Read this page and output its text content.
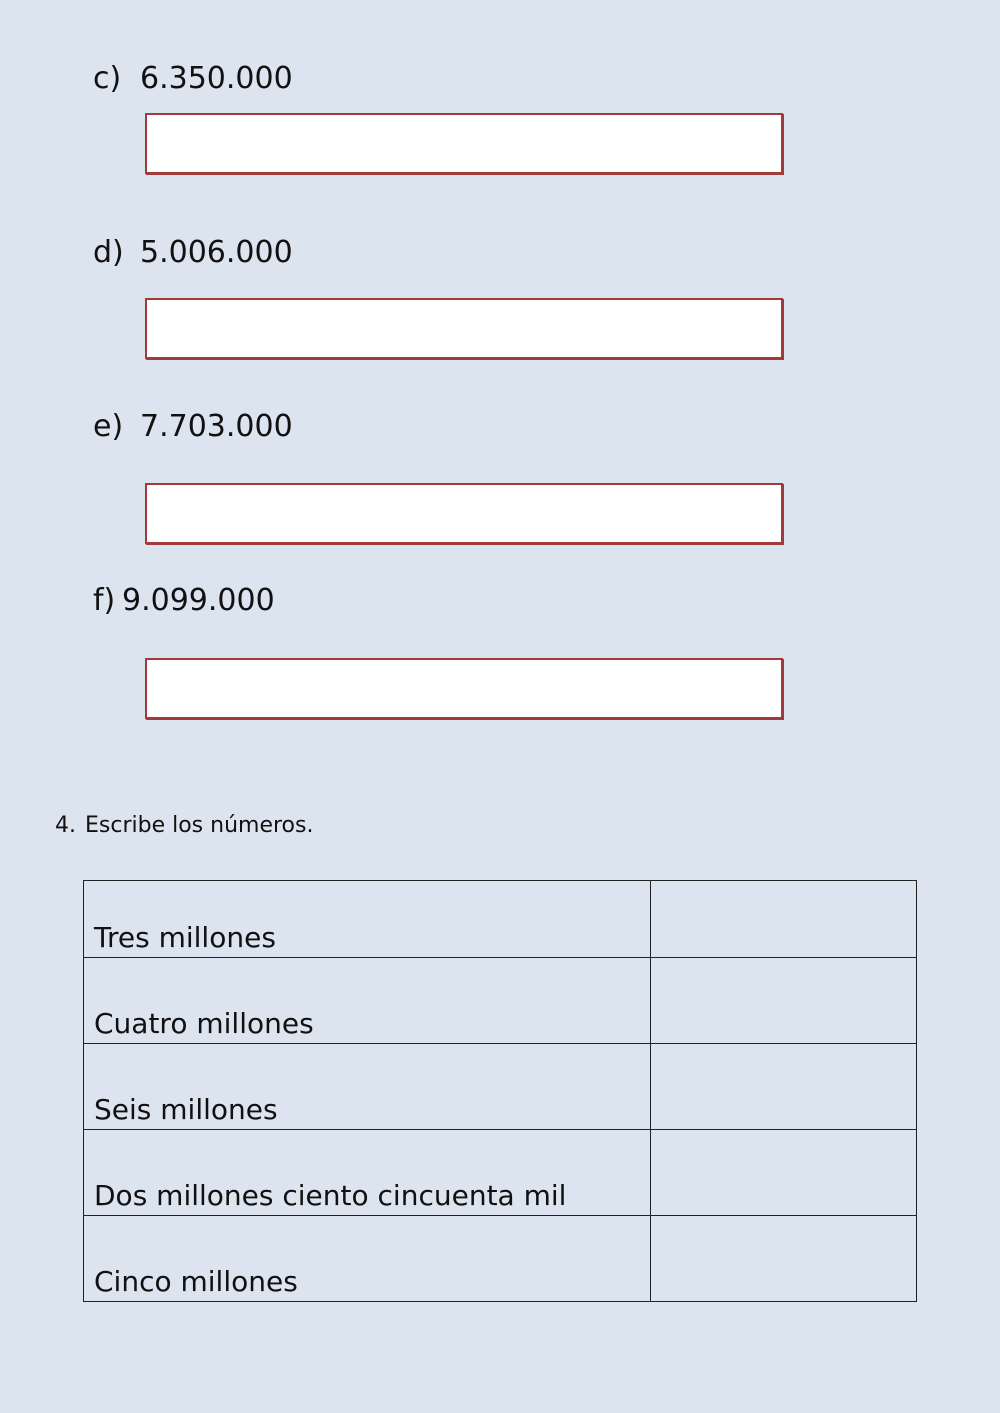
c) 6.350.000
d) 5.006.000
e) 7.703.000
f) 9.099.000
4. Escribe los números.
Tres millones	
Cuatro millones	
Seis millones	
Dos millones ciento cincuenta mil	
Cinco millones	
